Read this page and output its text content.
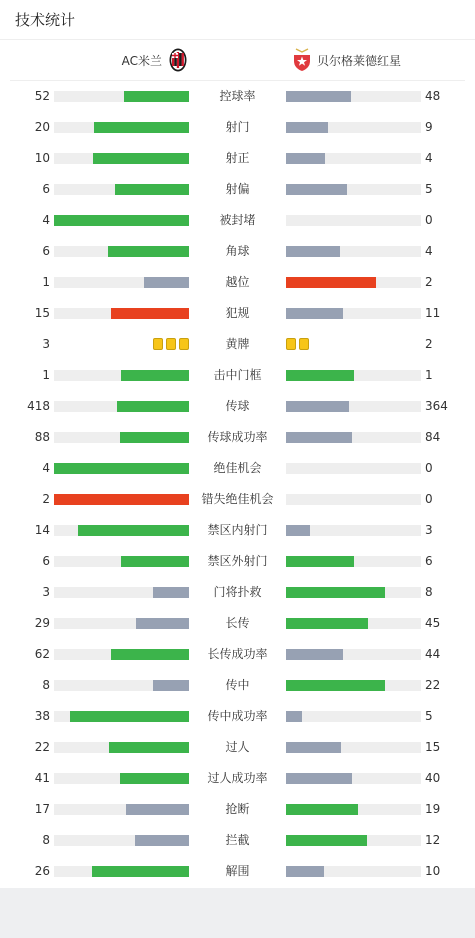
技术统计
AC米兰	贝尔格莱德红星
52	控球率	48
20	射门	9
10	射正	4
6	射偏	5
4	被封堵	0
6	角球	4
1	越位	2
15	犯规	11
3	黄牌	2
1	击中门框	1
418	传球	364
88	传球成功率	84
4	绝佳机会	0
2	错失绝佳机会	0
14	禁区内射门	3
6	禁区外射门	6
3	门将扑救	8
29	长传	45
62	长传成功率	44
8	传中	22
38	传中成功率	5
22	过人	15
41	过人成功率	40
17	抢断	19
8	拦截	12
26	解围	10
